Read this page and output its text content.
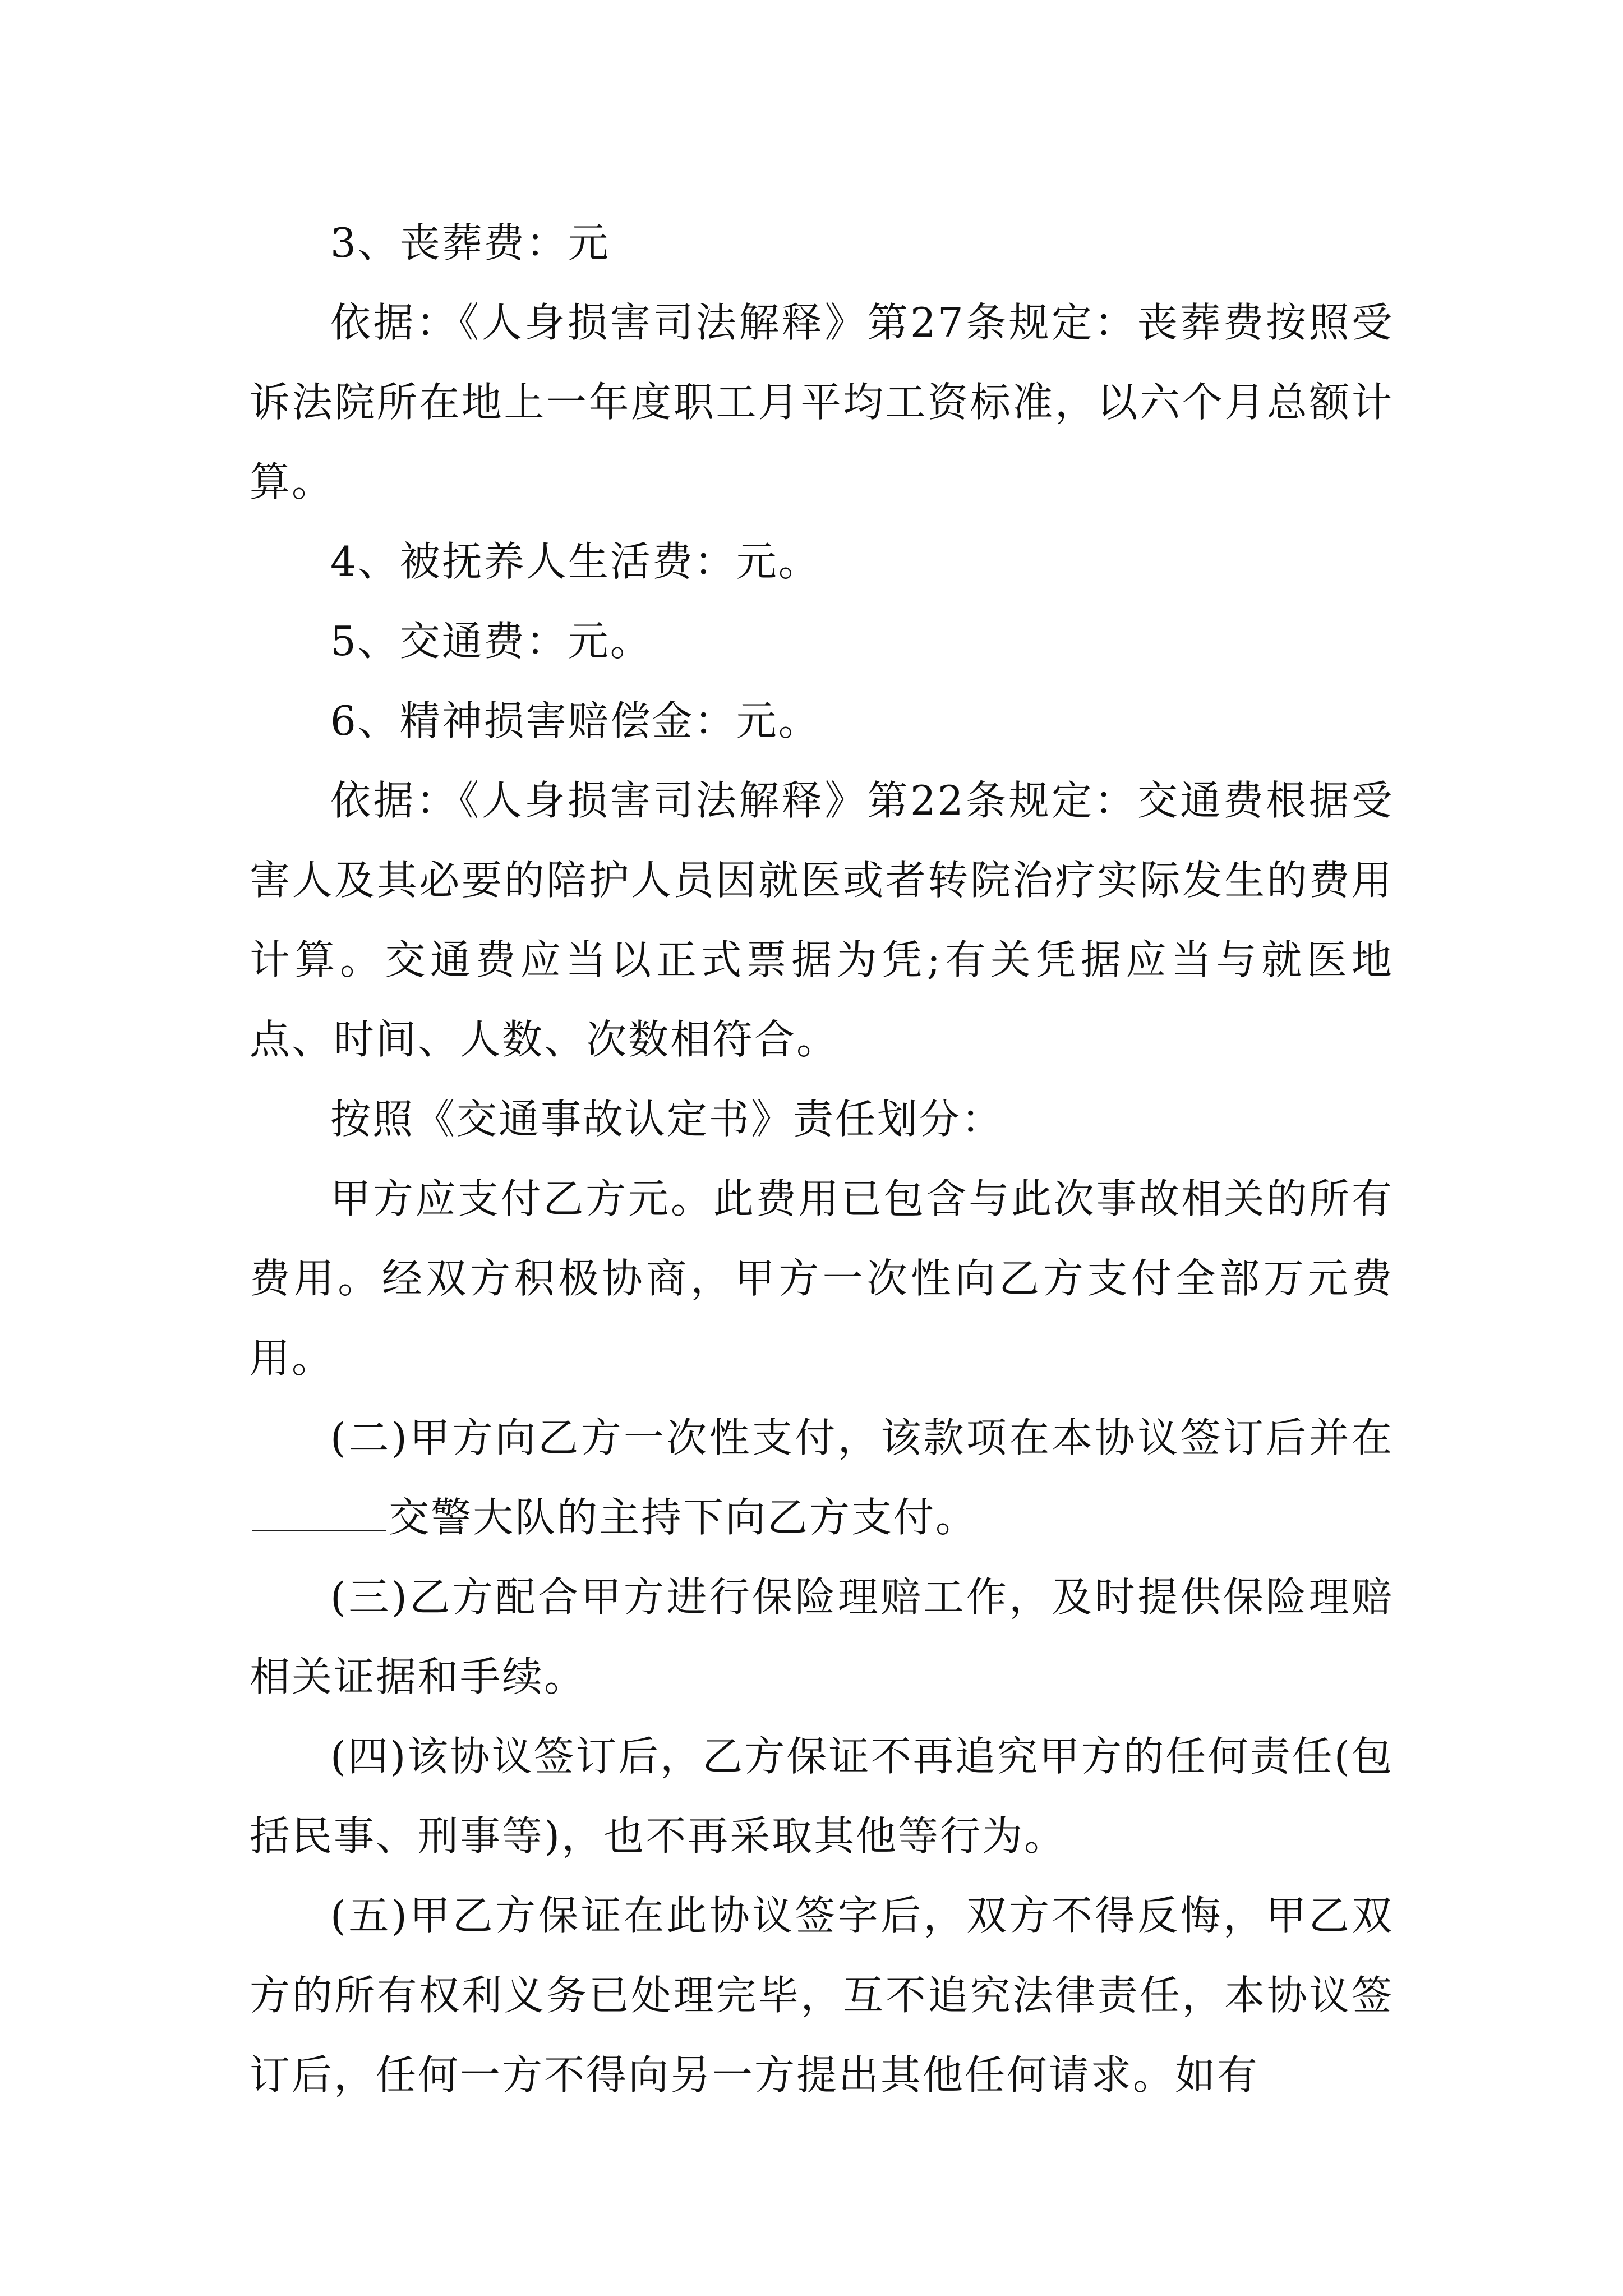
3、丧葬费：元

依据：《人身损害司法解释》第27条规定：丧葬费按照受诉法院所在地上一年度职工月平均工资标准，以六个月总额计算。

4、被抚养人生活费：元。

5、交通费：元。

6、精神损害赔偿金：元。

依据：《人身损害司法解释》第22条规定：交通费根据受害人及其必要的陪护人员因就医或者转院治疗实际发生的费用计算。交通费应当以正式票据为凭;有关凭据应当与就医地点、时间、人数、次数相符合。

按照《交通事故认定书》责任划分：

甲方应支付乙方元。此费用已包含与此次事故相关的所有费用。经双方积极协商，甲方一次性向乙方支付全部万元费用。

(二)甲方向乙方一次性支付，该款项在本协议签订后并在交警大队的主持下向乙方支付。

(三)乙方配合甲方进行保险理赔工作，及时提供保险理赔相关证据和手续。

(四)该协议签订后，乙方保证不再追究甲方的任何责任(包括民事、刑事等)，也不再采取其他等行为。

(五)甲乙方保证在此协议签字后，双方不得反悔，甲乙双方的所有权利义务已处理完毕，互不追究法律责任，本协议签订后，任何一方不得向另一方提出其他任何请求。如有
